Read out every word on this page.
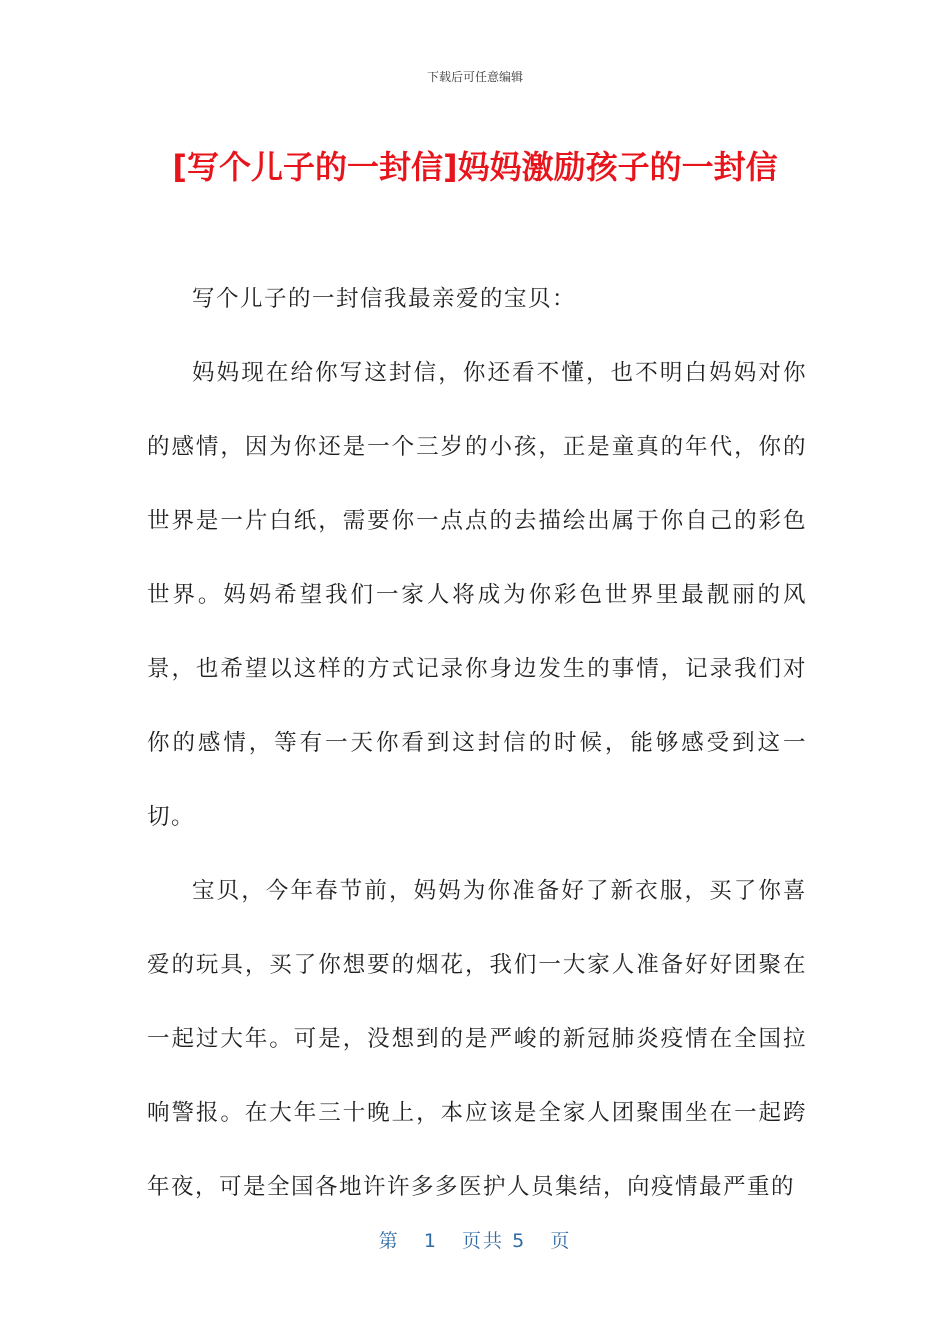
下载后可任意编辑
[写个儿子的一封信]妈妈激励孩子的一封信

写个儿子的一封信我最亲爱的宝贝：

妈妈现在给你写这封信，你还看不懂，也不明白妈妈对你的感情，因为你还是一个三岁的小孩，正是童真的年代，你的世界是一片白纸，需要你一点点的去描绘出属于你自己的彩色世界。妈妈希望我们一家人将成为你彩色世界里最靓丽的风景，也希望以这样的方式记录你身边发生的事情，记录我们对你的感情，等有一天你看到这封信的时候，能够感受到这一切。

宝贝，今年春节前，妈妈为你准备好了新衣服，买了你喜爱的玩具，买了你想要的烟花，我们一大家人准备好好团聚在一起过大年。可是，没想到的是严峻的新冠肺炎疫情在全国拉响警报。在大年三十晚上，本应该是全家人团聚围坐在一起跨年夜，可是全国各地许许多多医护人员集结，向疫情最严重的

第 1 页共 5 页
